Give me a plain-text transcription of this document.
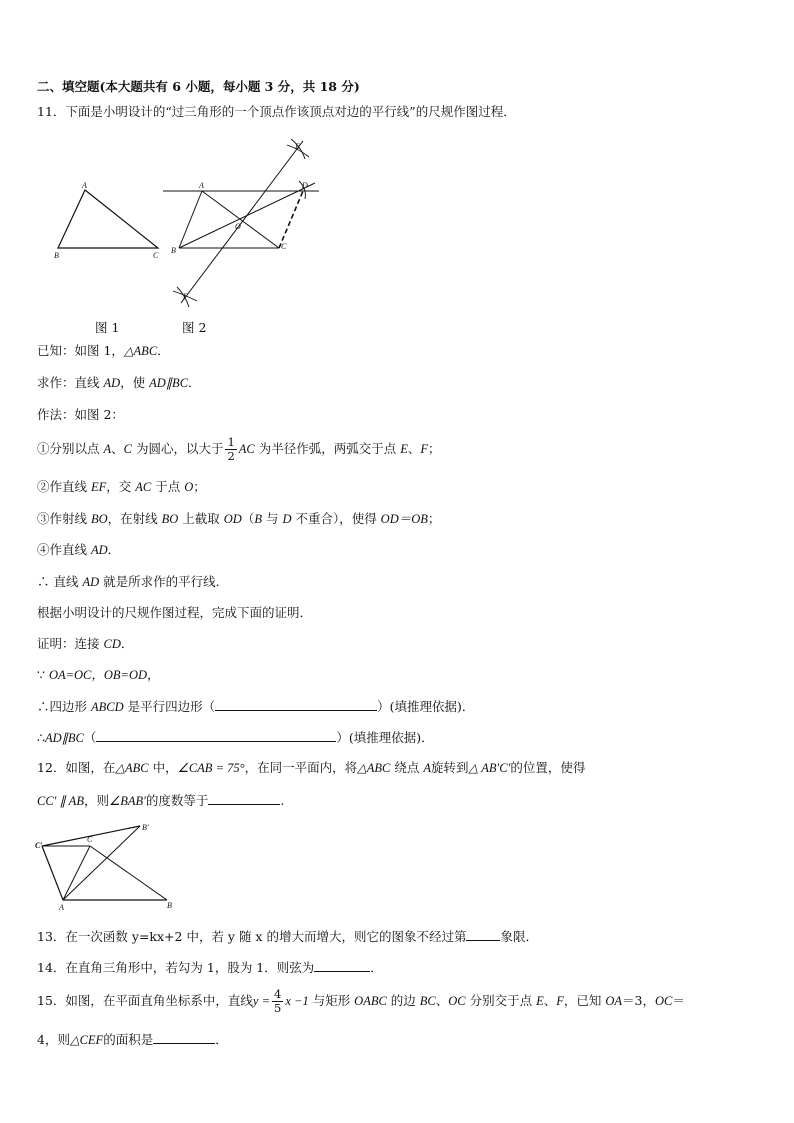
二、填空题(本大题共有 6 小题，每小题 3 分，共 18 分)
11．下面是小明设计的“过三角形的一个顶点作该顶点对边的平行线”的尺规作图过程．
A
B	C
A	D
E
O
B	C
F
图 1	图 2
已知：如图 1，△ABC．
求作：直线 AD，使 AD∥BC．
作法：如图 2：
①分别以点 A、C 为圆心，以大于 $\frac{1}{2}$ AC 为半径作弧，两弧交于点 E、F；
②作直线 EF，交 AC 于点 O；
③作射线 BO，在射线 BO 上截取 OD（B 与 D 不重合），使得 OD＝OB；
④作直线 AD．
∴ 直线 AD 就是所求作的平行线．
根据小明设计的尺规作图过程，完成下面的证明．
证明：连接 CD．
∵ OA=OC，OB=OD，
∴四边形 ABCD 是平行四边形（	）(填推理依据)．
∴AD∥BC（	）(填推理依据)．
12．如图，在△ABC 中，∠CAB = 75°，在同一平面内，将△ABC 绕点 A旋转到△ AB′C′的位置，使得
CC′ ∥ AB，则∠BAB′的度数等于	.
C′
C
B′
A	B
13．在一次函数 y=kx+2 中，若 y 随 x 的增大而增大，则它的图象不经过第	象限．
14．在直角三角形中，若勾为 1，股为 1．则弦为	．
15．如图，在平面直角坐标系中，直线$y = \frac{4}{5}$ x −1 与矩形 OABC 的边 BC、OC 分别交于点 E、F，已知 OA＝3，OC＝
4，则△CEF的面积是	．
